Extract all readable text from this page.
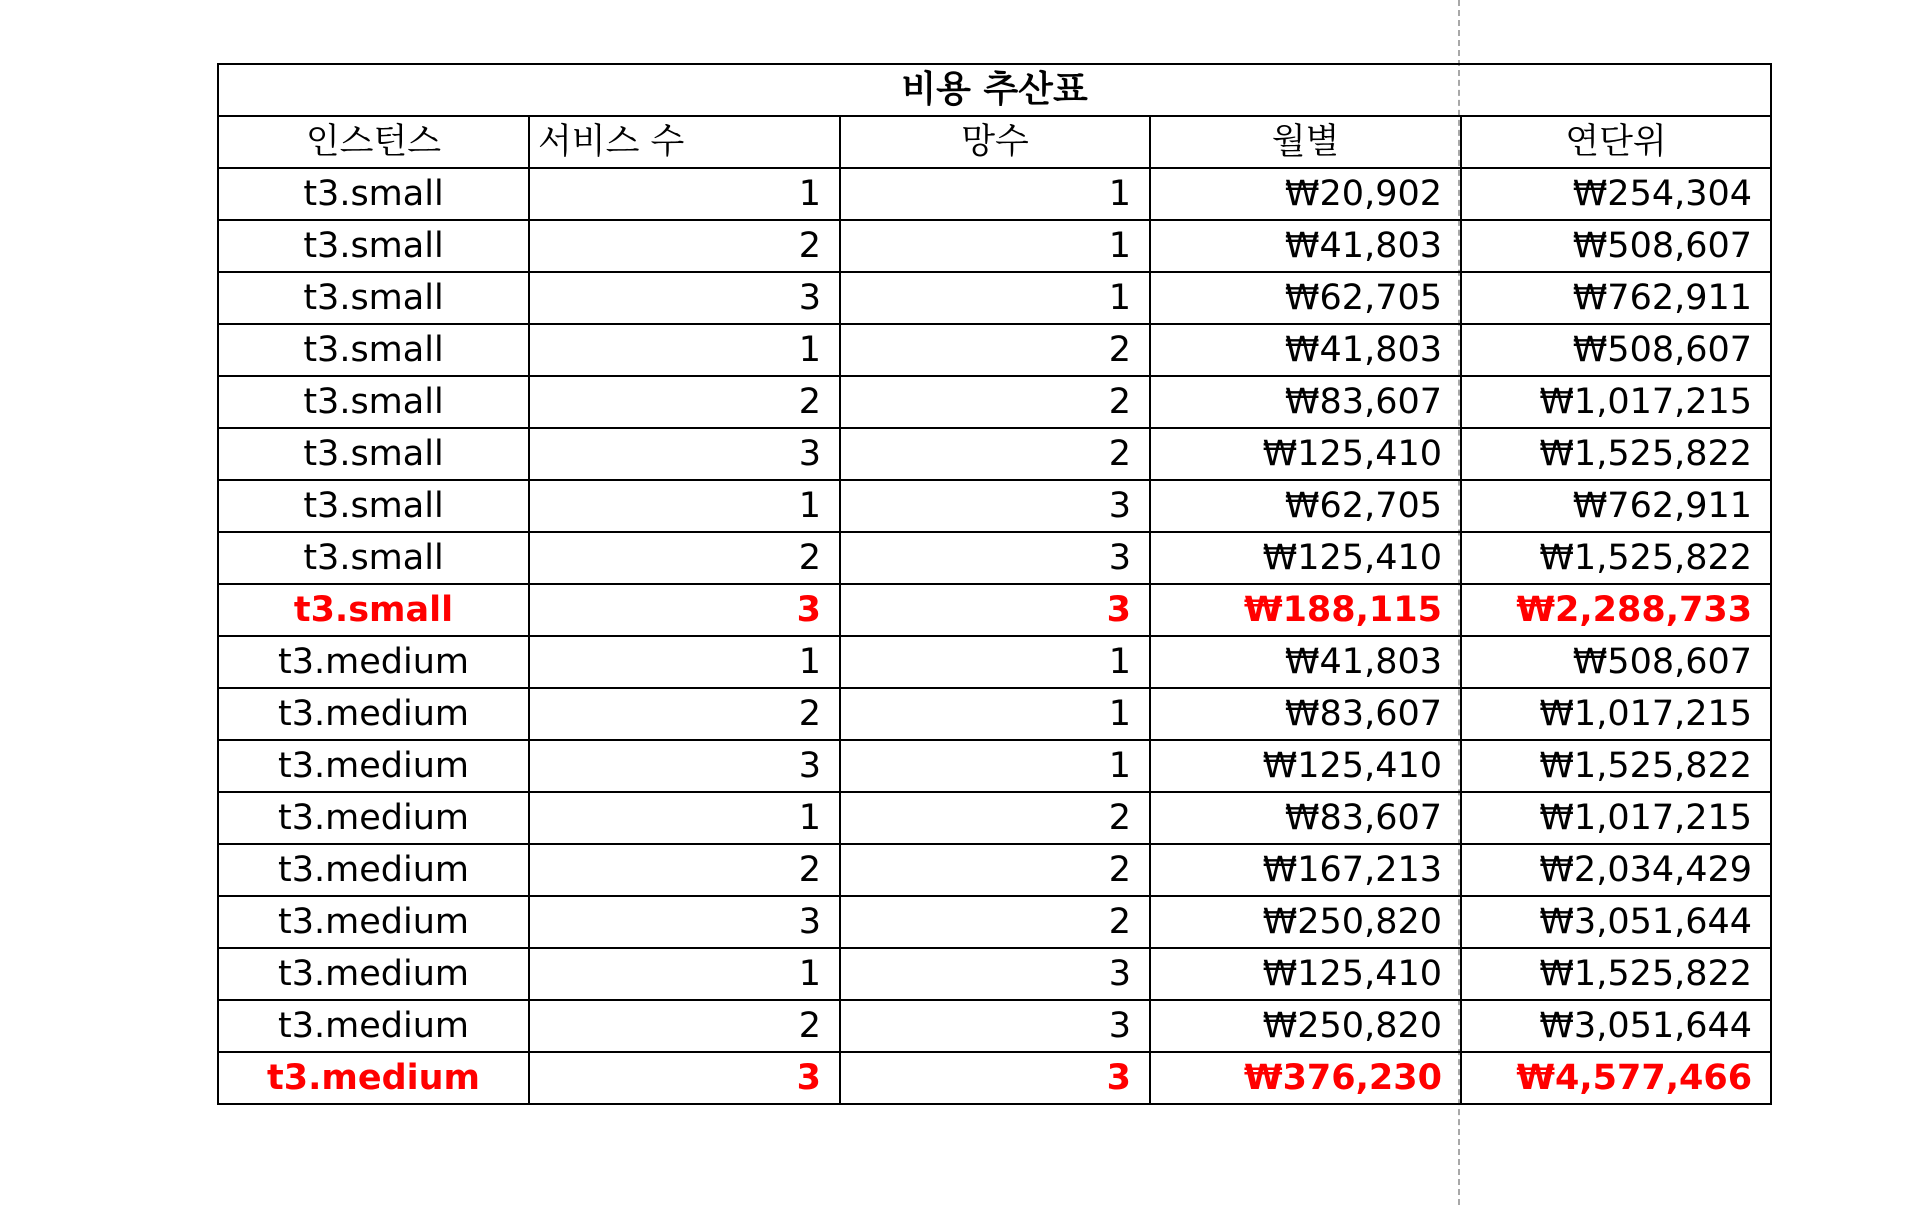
비용 추산표				
인스턴스	서비스 수	망수	월별	연단위
t3.small	1	1	₩20,902	₩254,304
t3.small	2	1	₩41,803	₩508,607
t3.small	3	1	₩62,705	₩762,911
t3.small	1	2	₩41,803	₩508,607
t3.small	2	2	₩83,607	₩1,017,215
t3.small	3	2	₩125,410	₩1,525,822
t3.small	1	3	₩62,705	₩762,911
t3.small	2	3	₩125,410	₩1,525,822
t3.small	3	3	₩188,115	₩2,288,733
t3.medium	1	1	₩41,803	₩508,607
t3.medium	2	1	₩83,607	₩1,017,215
t3.medium	3	1	₩125,410	₩1,525,822
t3.medium	1	2	₩83,607	₩1,017,215
t3.medium	2	2	₩167,213	₩2,034,429
t3.medium	3	2	₩250,820	₩3,051,644
t3.medium	1	3	₩125,410	₩1,525,822
t3.medium	2	3	₩250,820	₩3,051,644
t3.medium	3	3	₩376,230	₩4,577,466
